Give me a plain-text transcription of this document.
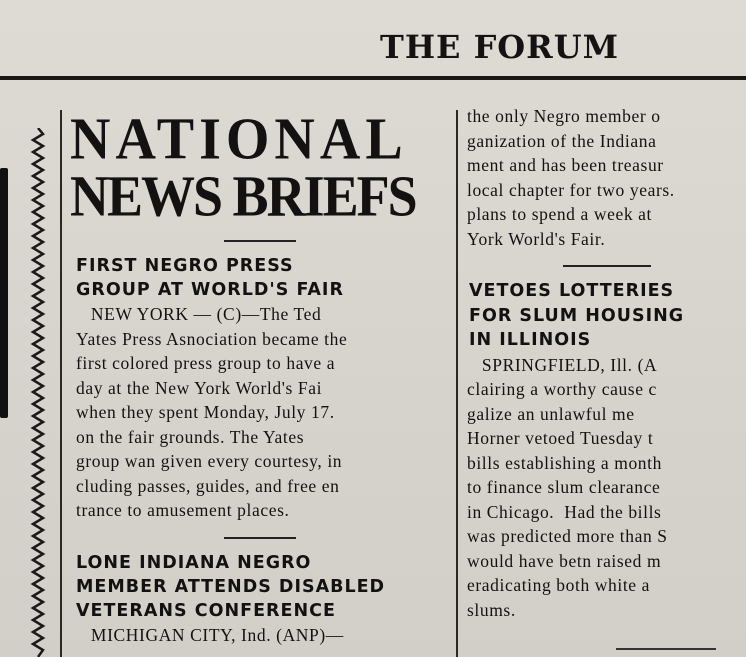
THE FORUM
NATIONAL
NEWS BRIEFS
FIRST NEGRO PRESS
GROUP AT WORLD'S FAIR
NEW YORK — (C)—The Ted
Yates Press Asnociation became the
first colored press group to have a
day at the New York World's Fai
when they spent Monday, July 17.
on the fair grounds. The Yates
group wan given every courtesy, in
cluding passes, guides, and free en
trance to amusement places.
LONE INDIANA NEGRO
MEMBER ATTENDS DISABLED
VETERANS CONFERENCE
MICHIGAN CITY, Ind. (ANP)—
the only Negro member o
ganization of the Indiana
ment and has been treasur
local chapter for two years.
plans to spend a week at
York World's Fair.
VETOES LOTTERIES
FOR SLUM HOUSING
IN ILLINOIS
SPRINGFIELD, Ill. (A
clairing a worthy cause c
galize an unlawful me
Horner vetoed Tuesday t
bills establishing a month
to finance slum clearance
in Chicago.  Had the bills
was predicted more than S
would have betn raised m
eradicating both white a
slums.
